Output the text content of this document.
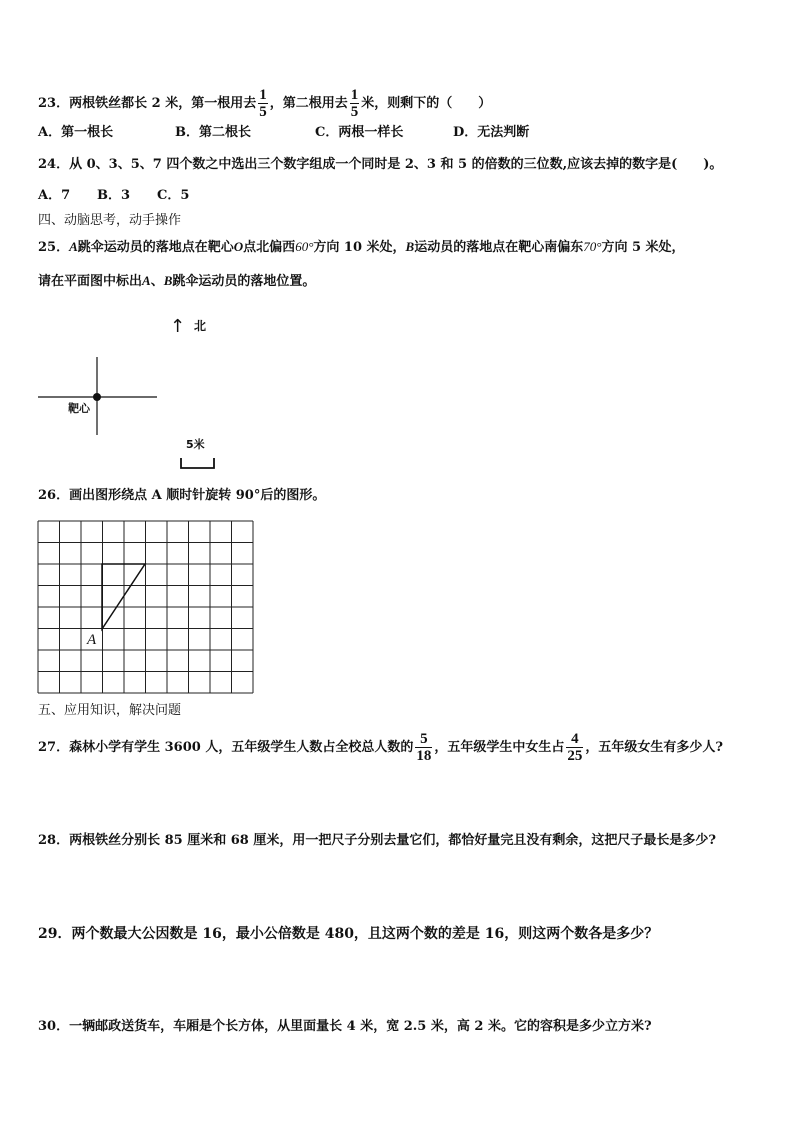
23．两根铁丝都长 2 米，第一根用去 $\frac{1}{5}$ ，第二根用去 $\frac{1}{5}$ 米，则剩下的（　　）
A．第一根长	B．第二根长	C．两根一样长	D．无法判断
24．从 0、3、5、7 四个数之中选出三个数字组成一个同时是 2、3 和 5 的倍数的三位数,应该去掉的数字是(　　)。
A．7 B．3 C．5
四、动脑思考，动手操作
25．A跳伞运动员的落地点在靶心O点北偏西60°方向 10 米处，B运动员的落地点在靶心南偏东70°方向 5 米处，
请在平面图中标出A、B跳伞运动员的落地位置。
↑ 北
靶心
5米
26．画出图形绕点 A 顺时针旋转 90°后的图形。
A
五、应用知识，解决问题
27．森林小学有学生 3600 人，五年级学生人数占全校总人数的 $\frac{5}{18}$ ，五年级学生中女生占 $\frac{4}{25}$ ，五年级女生有多少人?
28．两根铁丝分别长 85 厘米和 68 厘米，用一把尺子分别去量它们，都恰好量完且没有剩余，这把尺子最长是多少?
29．两个数最大公因数是 16，最小公倍数是 480，且这两个数的差是 16，则这两个数各是多少？
30．一辆邮政送货车，车厢是个长方体，从里面量长 4 米，宽 2.5 米，高 2 米。它的容积是多少立方米?
